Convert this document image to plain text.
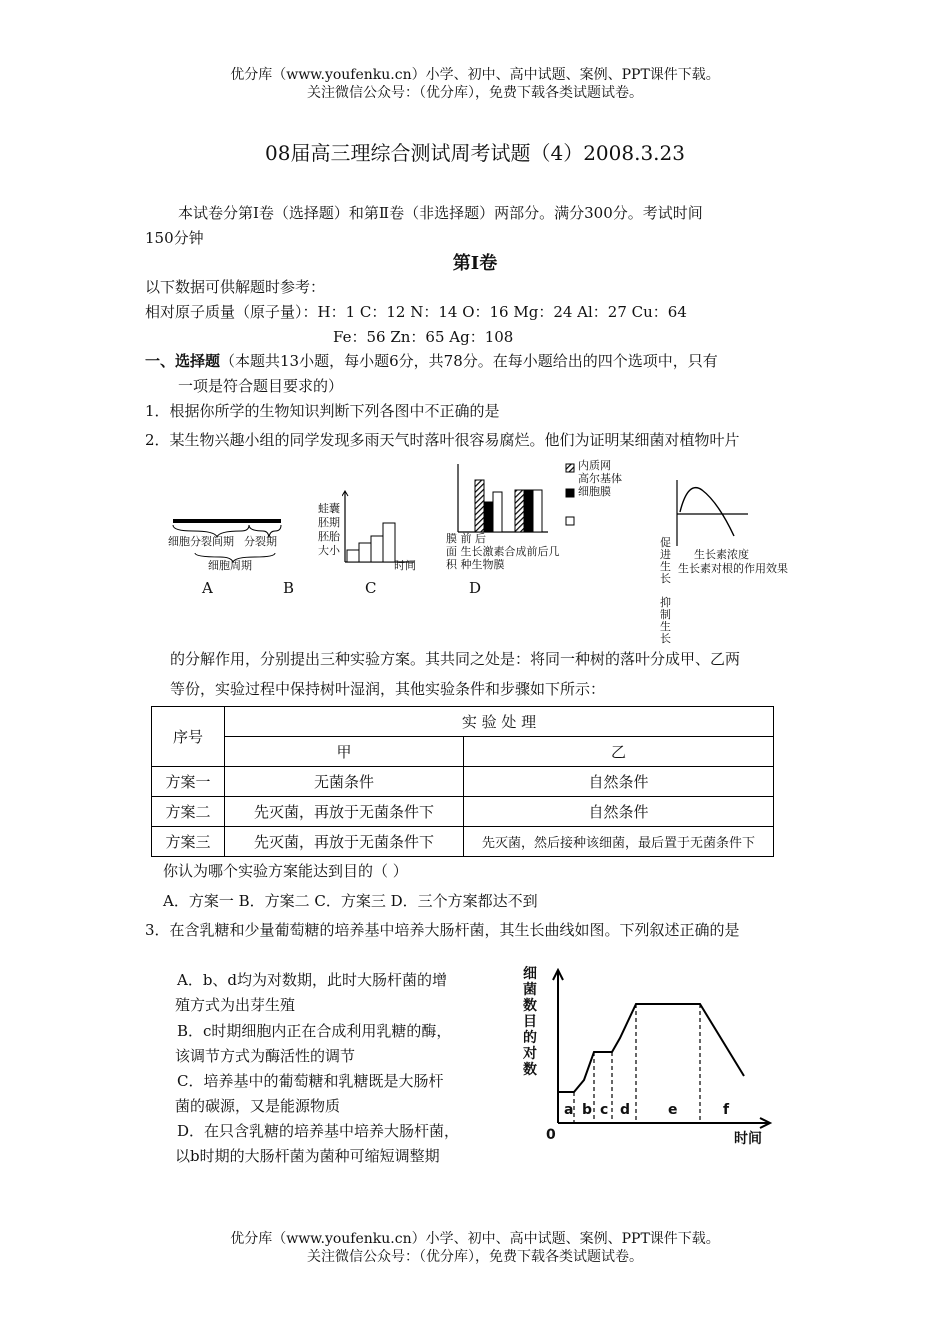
优分库（www.youfenku.cn）小学、初中、高中试题、案例、PPT课件下载。
关注微信公众号：（优分库），免费下载各类试题试卷。
08届高三理综合测试周考试题（4）2008.3.23
本试卷分第Ⅰ卷（选择题）和第Ⅱ卷（非选择题）两部分。满分300分。考试时间
150分钟
第Ⅰ卷
以下数据可供解题时参考：
相对原子质量（原子量）：H：1 C：12 N：14 O：16 Mg：24 Al：27 Cu：64
Fe：56 Zn：65 Ag：108
一、选择题（本题共13小题，每小题6分，共78分。在每小题给出的四个选项中，只有
一项是符合题目要求的）
1．根据你所学的生物知识判断下列各图中不正确的是
2．某生物兴趣小组的同学发现多雨天气时落叶很容易腐烂。他们为证明某细菌对植物叶片
细胞分裂间期 分裂期
细胞周期
蛙囊
胚期
胚胎
大小
时间
内质网
高尔基体
细胞膜
膜 前 后
面 生长激素合成前后几
积 种生物膜
促
进
生
长
抑
制
生
长
生长素浓度
生长素对根的作用效果
A	B	C	D
的分解作用，分别提出三种实验方案。其共同之处是：将同一种树的落叶分成甲、乙两
等份，实验过程中保持树叶湿润，其他实验条件和步骤如下所示：
序号	实 验 处 理	
	甲	乙
方案一	无菌条件	自然条件
方案二	先灭菌，再放于无菌条件下	自然条件
方案三	先灭菌，再放于无菌条件下	先灭菌，然后接种该细菌，最后置于无菌条件下
你认为哪个实验方案能达到目的（ ）
A．方案一 B．方案二 C．方案三 D．三个方案都达不到
3．在含乳糖和少量葡萄糖的培养基中培养大肠杆菌，其生长曲线如图。下列叙述正确的是
A．b、d均为对数期，此时大肠杆菌的增
殖方式为出芽生殖
B．c时期细胞内正在合成利用乳糖的酶，
该调节方式为酶活性的调节
C．培养基中的葡萄糖和乳糖既是大肠杆
菌的碳源，又是能源物质
D．在只含乳糖的培养基中培养大肠杆菌，
以b时期的大肠杆菌为菌种可缩短调整期
细
菌
数
目
的
对
数
0	时间
a b c d	e	f
优分库（www.youfenku.cn）小学、初中、高中试题、案例、PPT课件下载。
关注微信公众号：（优分库），免费下载各类试题试卷。
